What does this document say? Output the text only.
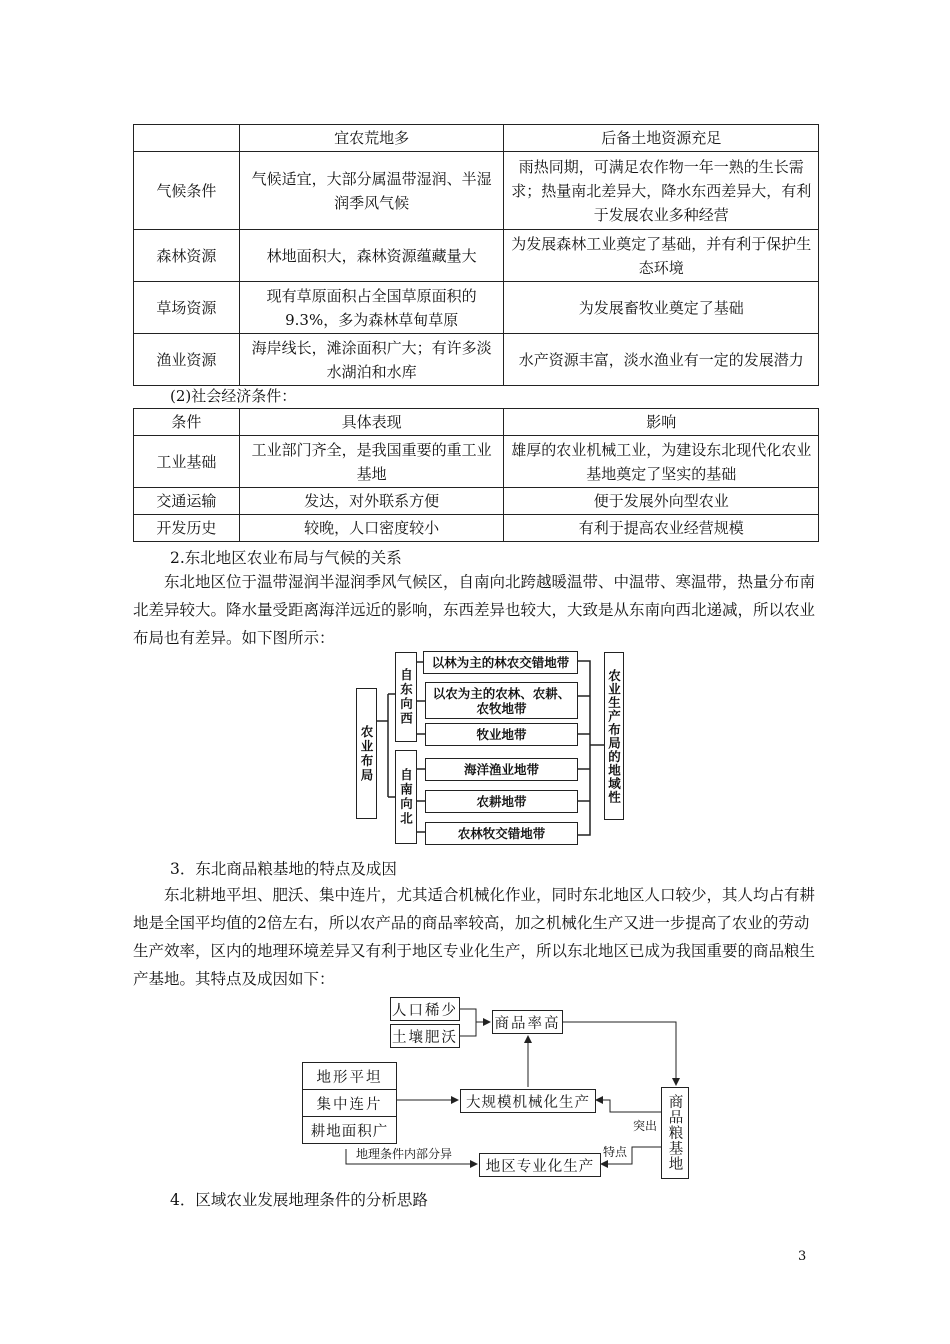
	宜农荒地多	后备土地资源充足
气候条件	气候适宜，大部分属温带湿润、半湿润季风气候	雨热同期，可满足农作物一年一熟的生长需求；热量南北差异大，降水东西差异大，有利于发展农业多种经营
森林资源	林地面积大，森林资源蕴藏量大	为发展森林工业奠定了基础，并有利于保护生态环境
草场资源	现有草原面积占全国草原面积的9.3%，多为森林草甸草原	为发展畜牧业奠定了基础
渔业资源	海岸线长，滩涂面积广大；有许多淡水湖泊和水库	水产资源丰富，淡水渔业有一定的发展潜力
(2)社会经济条件：
条件	具体表现	影响
工业基础	工业部门齐全，是我国重要的重工业基地	雄厚的农业机械工业，为建设东北现代化农业基地奠定了坚实的基础
交通运输	发达，对外联系方便	便于发展外向型农业
开发历史	较晚，人口密度较小	有利于提高农业经营规模
2.东北地区农业布局与气候的关系
东北地区位于温带湿润半湿润季风气候区，自南向北跨越暖温带、中温带、寒温带，热量分布南北差异较大。降水量受距离海洋远近的影响，东西差异也较大，大致是从东南向西北递减，所以农业布局也有差异。如下图所示：
农业布局
自东向西
自南向北
以林为主的林农交错地带
以农为主的农林、农耕、农牧地带
牧业地带
海洋渔业地带
农耕地带
农林牧交错地带
农业生产布局的地域性
3．东北商品粮基地的特点及成因
东北耕地平坦、肥沃、集中连片，尤其适合机械化作业，同时东北地区人口较少，其人均占有耕地是全国平均值的2倍左右，所以农产品的商品率较高，加之机械化生产又进一步提高了农业的劳动生产效率，区内的地理环境差异又有利于地区专业化生产，所以东北地区已成为我国重要的商品粮生产基地。其特点及成因如下：
人口稀少
土壤肥沃
商品率高
地形平坦
集中连片
耕地面积广
大规模机械化生产
地区专业化生产	商品粮基地
突出
特点
地理条件内部分异
4．区域农业发展地理条件的分析思路
3
